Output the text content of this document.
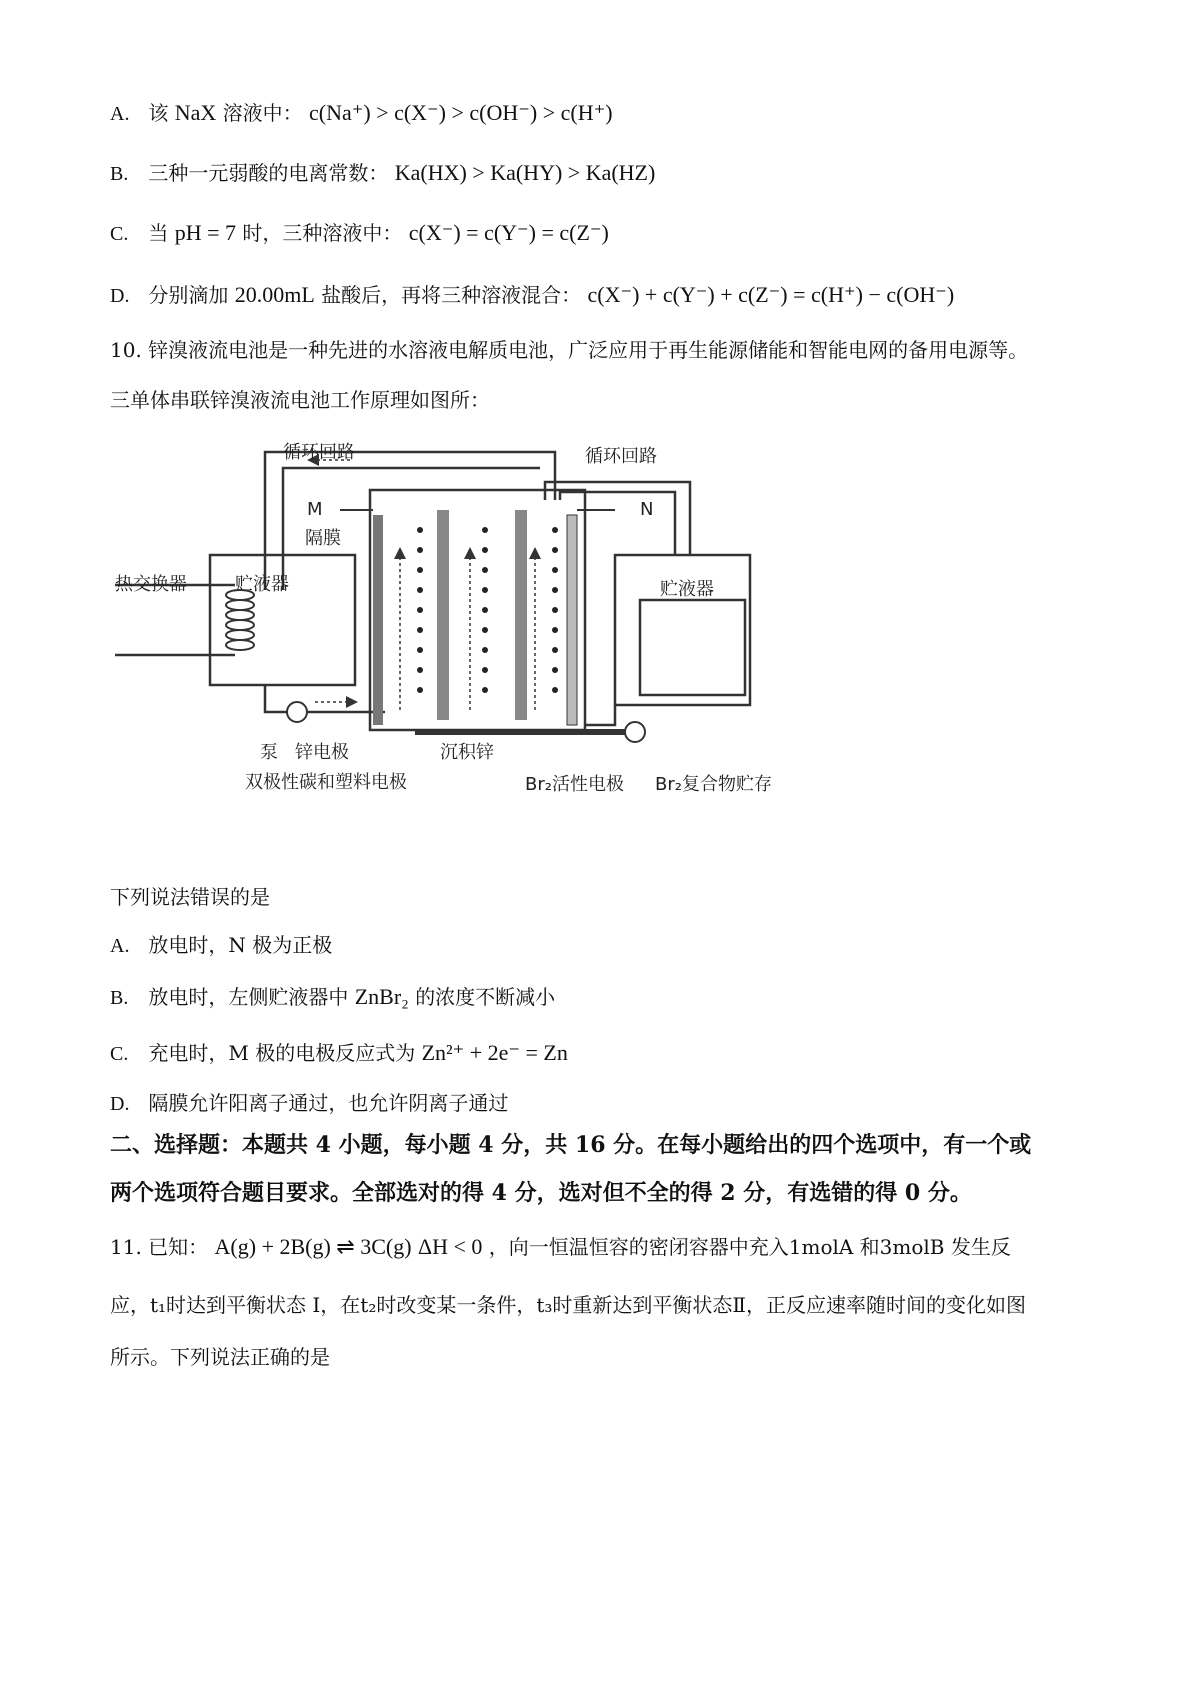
A. 该 NaX 溶液中： c(Na⁺) > c(X⁻) > c(OH⁻) > c(H⁺)
B. 三种一元弱酸的电离常数： Ka(HX) > Ka(HY) > Ka(HZ)
C. 当 pH = 7 时，三种溶液中： c(X⁻) = c(Y⁻) = c(Z⁻)
D. 分别滴加 20.00mL 盐酸后，再将三种溶液混合： c(X⁻) + c(Y⁻) + c(Z⁻) = c(H⁺) − c(OH⁻)
10. 锌溴液流电池是一种先进的水溶液电解质电池，广泛应用于再生能源储能和智能电网的备用电源等。
三单体串联锌溴液流电池工作原理如图所：
循环回路	循环回路
M	N
隔膜
热交换器	贮液器	贮液器
泵 锌电极	沉积锌
双极性碳和塑料电极	Br₂活性电极 Br₂复合物贮存
下列说法错误的是
A. 放电时，N 极为正极
B. 放电时，左侧贮液器中 ZnBr₂ 的浓度不断减小
C. 充电时，M 极的电极反应式为 Zn²⁺ + 2e⁻ = Zn
D. 隔膜允许阳离子通过，也允许阴离子通过
二、选择题：本题共 4 小题，每小题 4 分，共 16 分。在每小题给出的四个选项中，有一个或
两个选项符合题目要求。全部选对的得 4 分，选对但不全的得 2 分，有选错的得 0 分。
11. 已知： A(g) + 2B(g) ⇌ 3C(g) ΔH < 0 ，向一恒温恒容的密闭容器中充入1molA 和3molB 发生反
应，t₁时达到平衡状态 I，在t₂时改变某一条件，t₃时重新达到平衡状态Ⅱ，正反应速率随时间的变化如图
所示。下列说法正确的是
